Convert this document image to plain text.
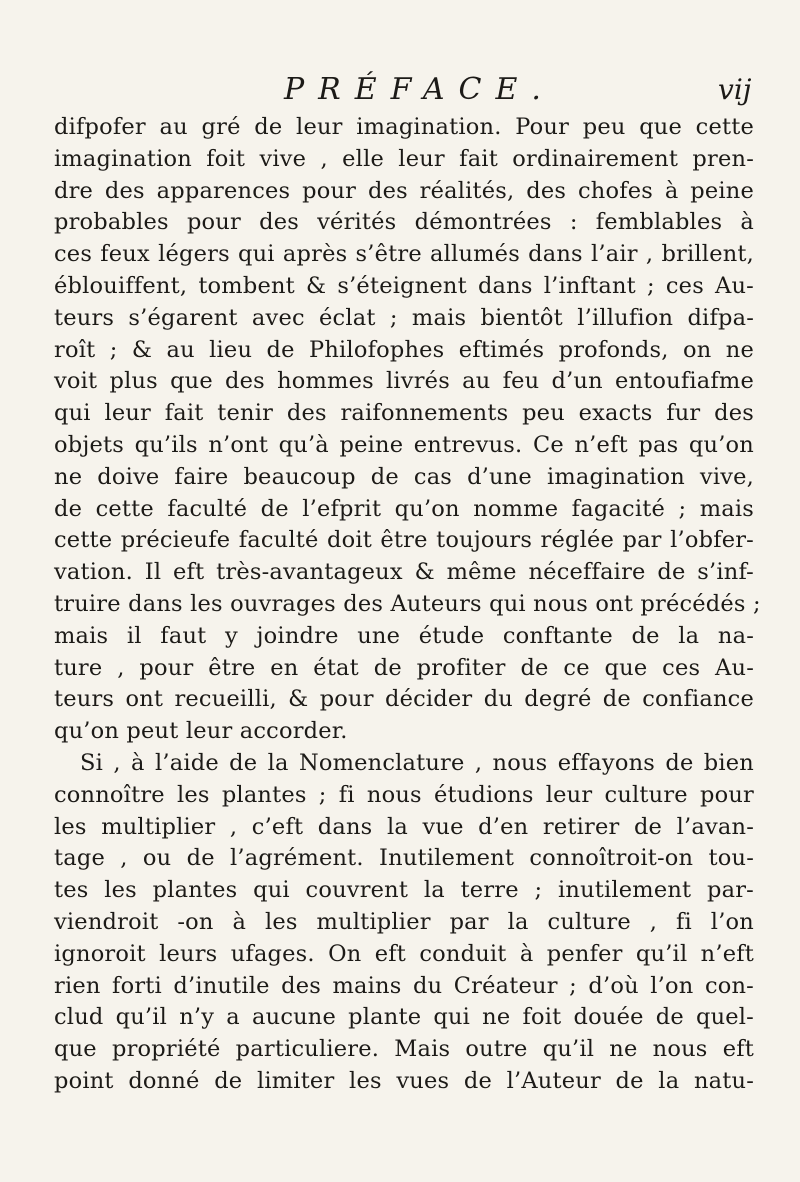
PRÉFACE.	vij
difpofer au gré de leur imagination. Pour peu que cette
imagination foit vive , elle leur fait ordinairement pren-
dre des apparences pour des réalités, des chofes à peine
probables pour des vérités démontrées : femblables à
ces feux légers qui après s’être allumés dans l’air , brillent,
éblouiffent, tombent & s’éteignent dans l’inftant ; ces Au-
teurs s’égarent avec éclat ; mais bientôt l’illufion difpa-
roît ; & au lieu de Philofophes eftimés profonds, on ne
voit plus que des hommes livrés au feu d’un entoufiafme
qui leur fait tenir des raifonnements peu exacts fur des
objets qu’ils n’ont qu’à peine entrevus. Ce n’eft pas qu’on
ne doive faire beaucoup de cas d’une imagination vive,
de cette faculté de l’efprit qu’on nomme fagacité ; mais
cette précieufe faculté doit être toujours réglée par l’obfer-
vation. Il eft très-avantageux & même néceffaire de s’inf-
truire dans les ouvrages des Auteurs qui nous ont précédés ;
mais il faut y joindre une étude conftante de la na-
ture , pour être en état de profiter de ce que ces Au-
teurs ont recueilli, & pour décider du degré de confiance
qu’on peut leur accorder.
Si , à l’aide de la Nomenclature , nous effayons de bien
connoître les plantes ; fi nous étudions leur culture pour
les multiplier , c’eft dans la vue d’en retirer de l’avan-
tage , ou de l’agrément. Inutilement connoîtroit-on tou-
tes les plantes qui couvrent la terre ; inutilement par-
viendroit -on à les multiplier par la culture , fi l’on
ignoroit leurs ufages. On eft conduit à penfer qu’il n’eft
rien forti d’inutile des mains du Créateur ; d’où l’on con-
clud qu’il n’y a aucune plante qui ne foit douée de quel-
que propriété particuliere. Mais outre qu’il ne nous eft
point donné de limiter les vues de l’Auteur de la natu-
